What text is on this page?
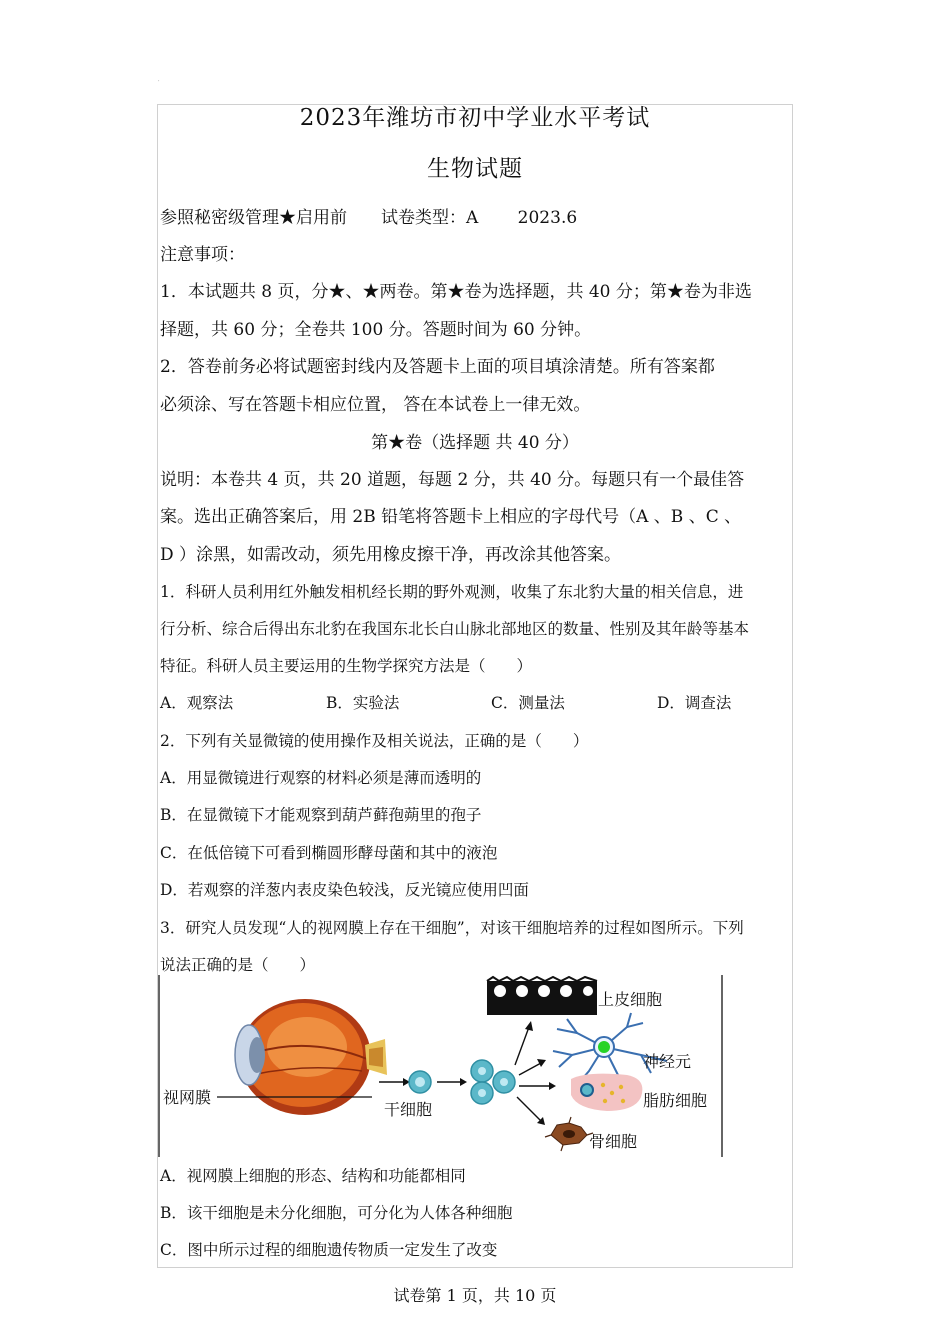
′
2023年潍坊市初中学业水平考试
生物试题
参照秘密级管理★启用前　　试卷类型：A　　 2023.6
注意事项：
1．本试题共 8 页，分★、★两卷。第★卷为选择题，共 40 分；第★卷为非选
择题，共 60 分；全卷共 100 分。答题时间为 60 分钟。
2．答卷前务必将试题密封线内及答题卡上面的项目填涂清楚。所有答案都
必须涂、写在答题卡相应位置， 答在本试卷上一律无效。
第★卷（选择题 共 40 分）
说明：本卷共 4 页，共 20 道题，每题 2 分，共 40 分。每题只有一个最佳答
案。选出正确答案后，用 2B 铅笔将答题卡上相应的字母代号（A 、B 、C 、
D ）涂黑，如需改动，须先用橡皮擦干净，再改涂其他答案。
1．科研人员利用红外触发相机经长期的野外观测，收集了东北豹大量的相关信息，进
行分析、综合后得出东北豹在我国东北长白山脉北部地区的数量、性别及其年龄等基本
特征。科研人员主要运用的生物学探究方法是（　　）
A．观察法	B．实验法	C．测量法	D．调查法
2．下列有关显微镜的使用操作及相关说法，正确的是（　　）
A．用显微镜进行观察的材料必须是薄而透明的
B．在显微镜下才能观察到葫芦藓孢蒴里的孢子
C．在低倍镜下可看到椭圆形酵母菌和其中的液泡
D．若观察的洋葱内表皮染色较浅，反光镜应使用凹面
3．研究人员发现“人的视网膜上存在干细胞”，对该干细胞培养的过程如图所示。下列
说法正确的是（　　）
视网膜
干细胞
上皮细胞
神经元
脂肪细胞
骨细胞
A．视网膜上细胞的形态、结构和功能都相同
B．该干细胞是未分化细胞，可分化为人体各种细胞
C．图中所示过程的细胞遗传物质一定发生了改变
试卷第 1 页，共 10 页
